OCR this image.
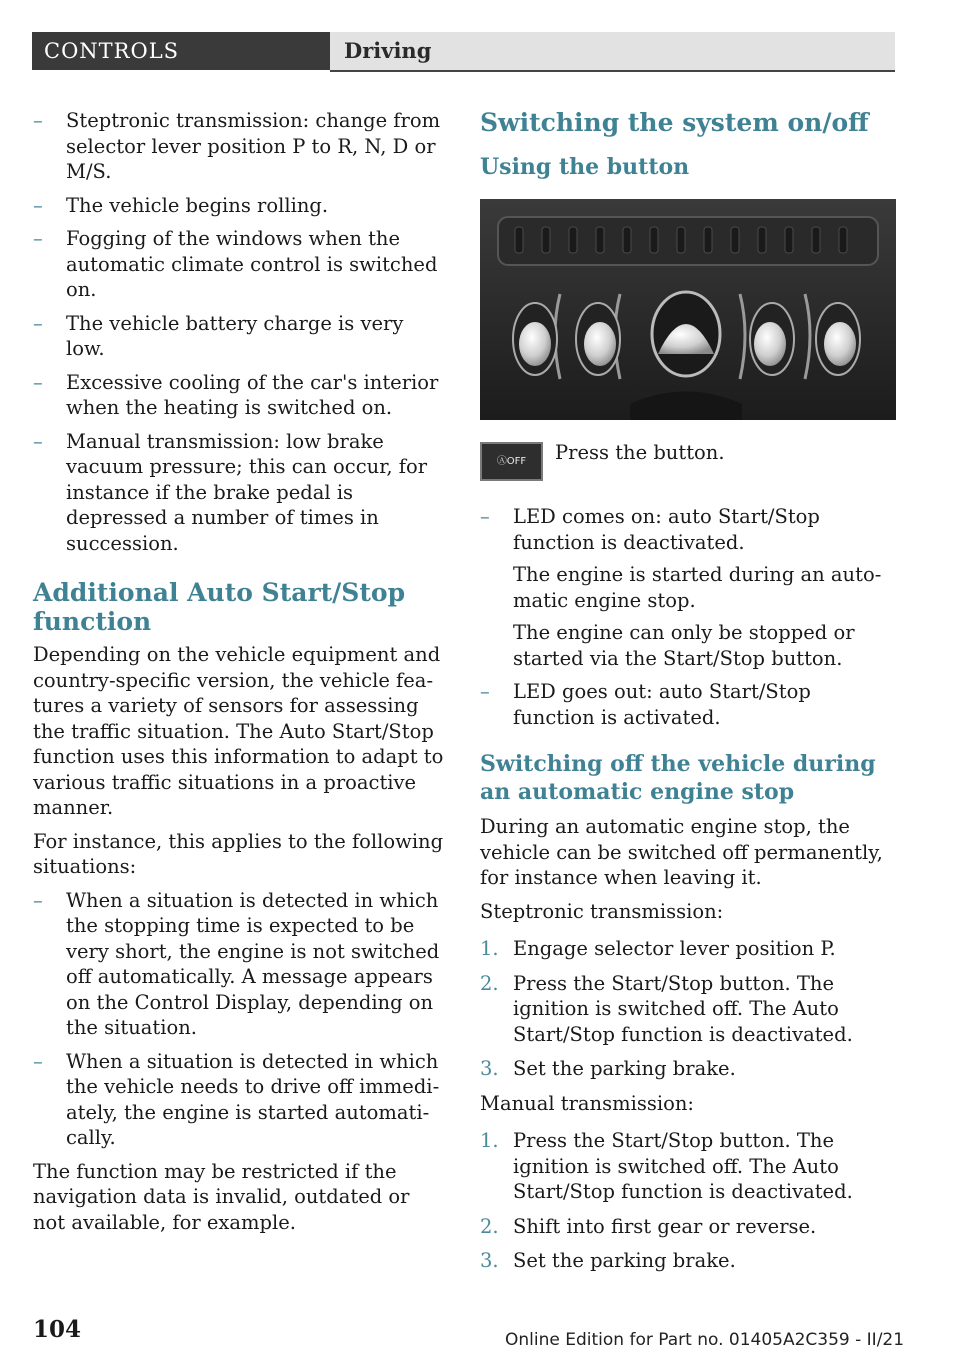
CONTROLS	Driving
– Steptronic transmission: change from selector lever position P to R, N, D or M/S.
– The vehicle begins rolling.
– Fogging of the windows when the automatic climate control is switched on.
– The vehicle battery charge is very low.
– Excessive cooling of the car's interior when the heating is switched on.
– Manual transmission: low brake vacuum pressure; this can occur, for instance if the brake pedal is depressed a number of times in succession.
Additional Auto Start/Stop function

Depending on the vehicle equipment and country-specific version, the vehicle features a variety of sensors for assessing the traffic situation. The Auto Start/Stop function uses this information to adapt to various traffic situations in a proactive manner.

For instance, this applies to the following situations:

– When a situation is detected in which the stopping time is expected to be very short, the engine is not switched off automatically. A message appears on the Control Display, depending on the situation.
– When a situation is detected in which the vehicle needs to drive off immediately, the engine is started automatically.

The function may be restricted if the navigation data is invalid, outdated or not available, for example.

Switching the system on/off
Using the button
ⒶOFF	Press the button.
– LED comes on: auto Start/Stop function is deactivated.
The engine is started during an automatic engine stop.
The engine can only be stopped or started via the Start/Stop button.
– LED goes out: auto Start/Stop function is activated.
Switching off the vehicle during an automatic engine stop

During an automatic engine stop, the vehicle can be switched off permanently, for instance when leaving it.

Steptronic transmission:

1. Engage selector lever position P.
2. Press the Start/Stop button. The ignition is switched off. The Auto Start/Stop function is deactivated.
3. Set the parking brake.

Manual transmission:

1. Press the Start/Stop button. The ignition is switched off. The Auto Start/Stop function is deactivated.
2. Shift into first gear or reverse.
3. Set the parking brake.
104	Online Edition for Part no. 01405A2C359 - II/21
